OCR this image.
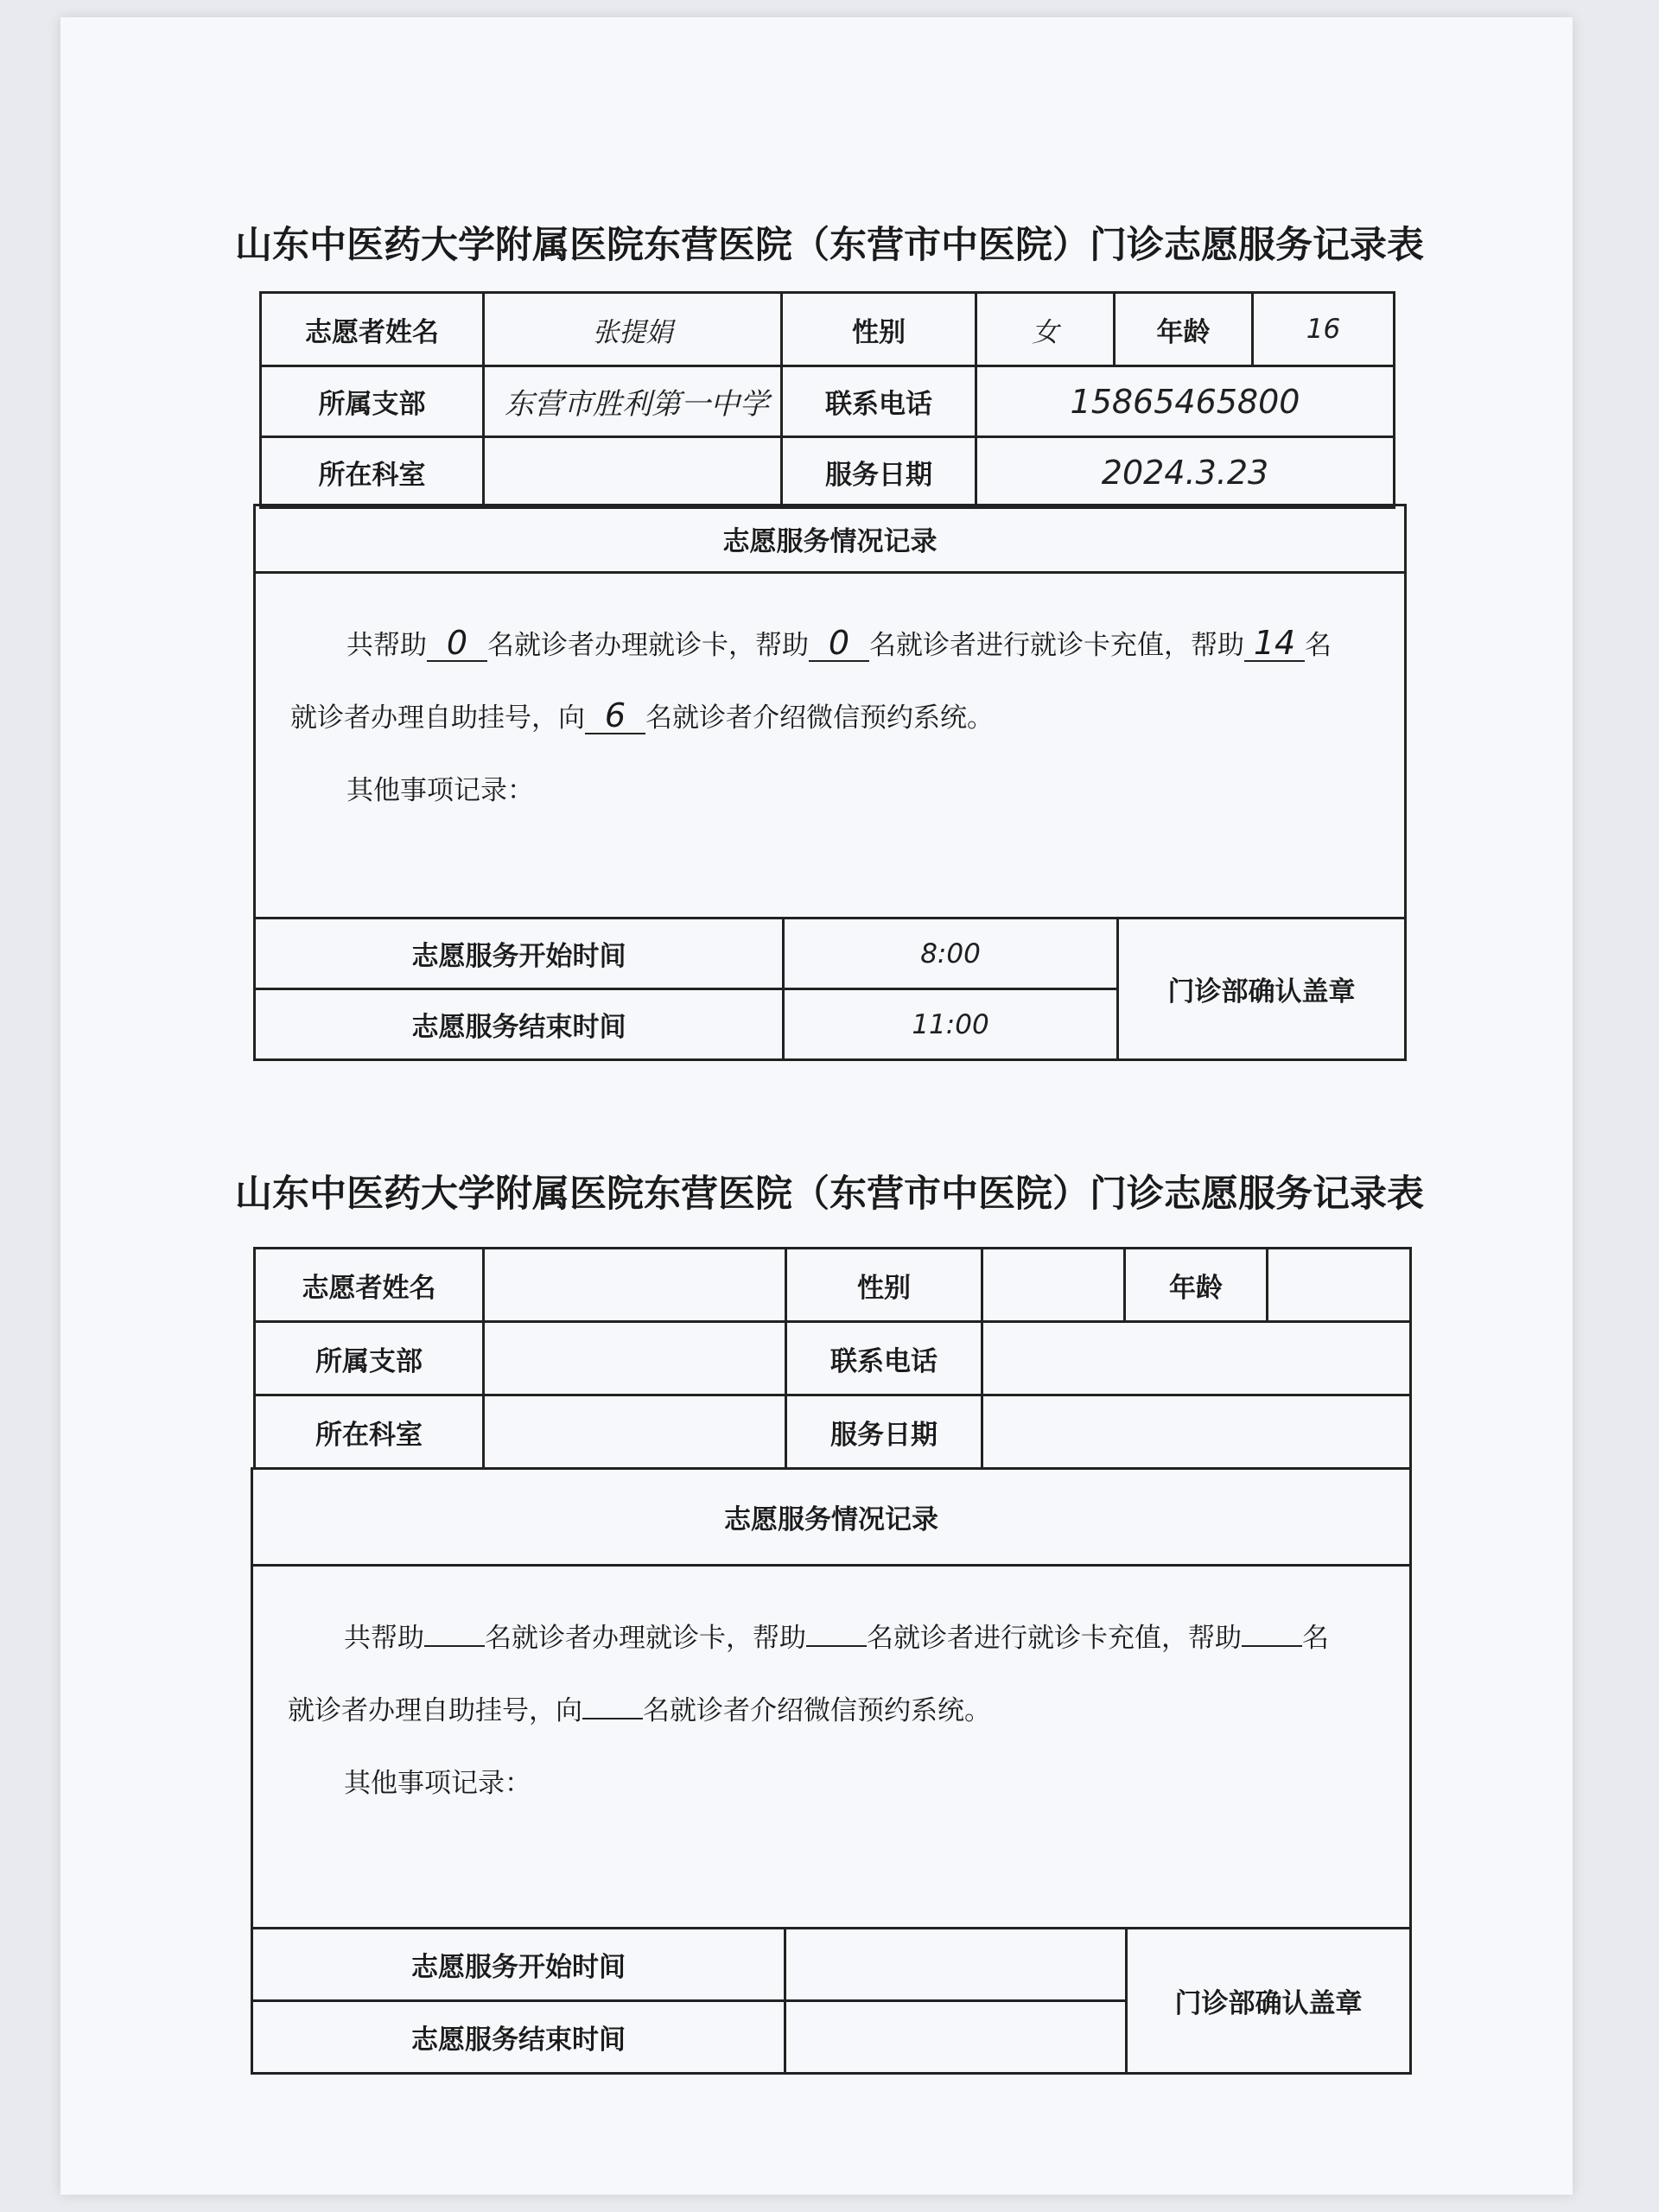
山东中医药大学附属医院东营医院（东营市中医院）门诊志愿服务记录表
志愿者姓名	张提娟	性别	女	年龄	16
所属支部	东营市胜利第一中学	联系电话	15865465800		
所在科室		服务日期	2024.3.23		
志愿服务情况记录		

共帮助 0 名就诊者办理就诊卡，帮助 0 名就诊者进行就诊卡充值，帮助 14 名
就诊者办理自助挂号，向 6 名就诊者介绍微信预约系统。
其他事项记录：		

志愿服务开始时间	8:00	门诊部确认盖章
志愿服务结束时间	11:00	
山东中医药大学附属医院东营医院（东营市中医院）门诊志愿服务记录表
志愿者姓名		性别		年龄	
所属支部		联系电话			
所在科室		服务日期			
志愿服务情况记录		

共帮助 名就诊者办理就诊卡，帮助 名就诊者进行就诊卡充值，帮助 名
就诊者办理自助挂号，向 名就诊者介绍微信预约系统。
其他事项记录：		

志愿服务开始时间		门诊部确认盖章
志愿服务结束时间		
